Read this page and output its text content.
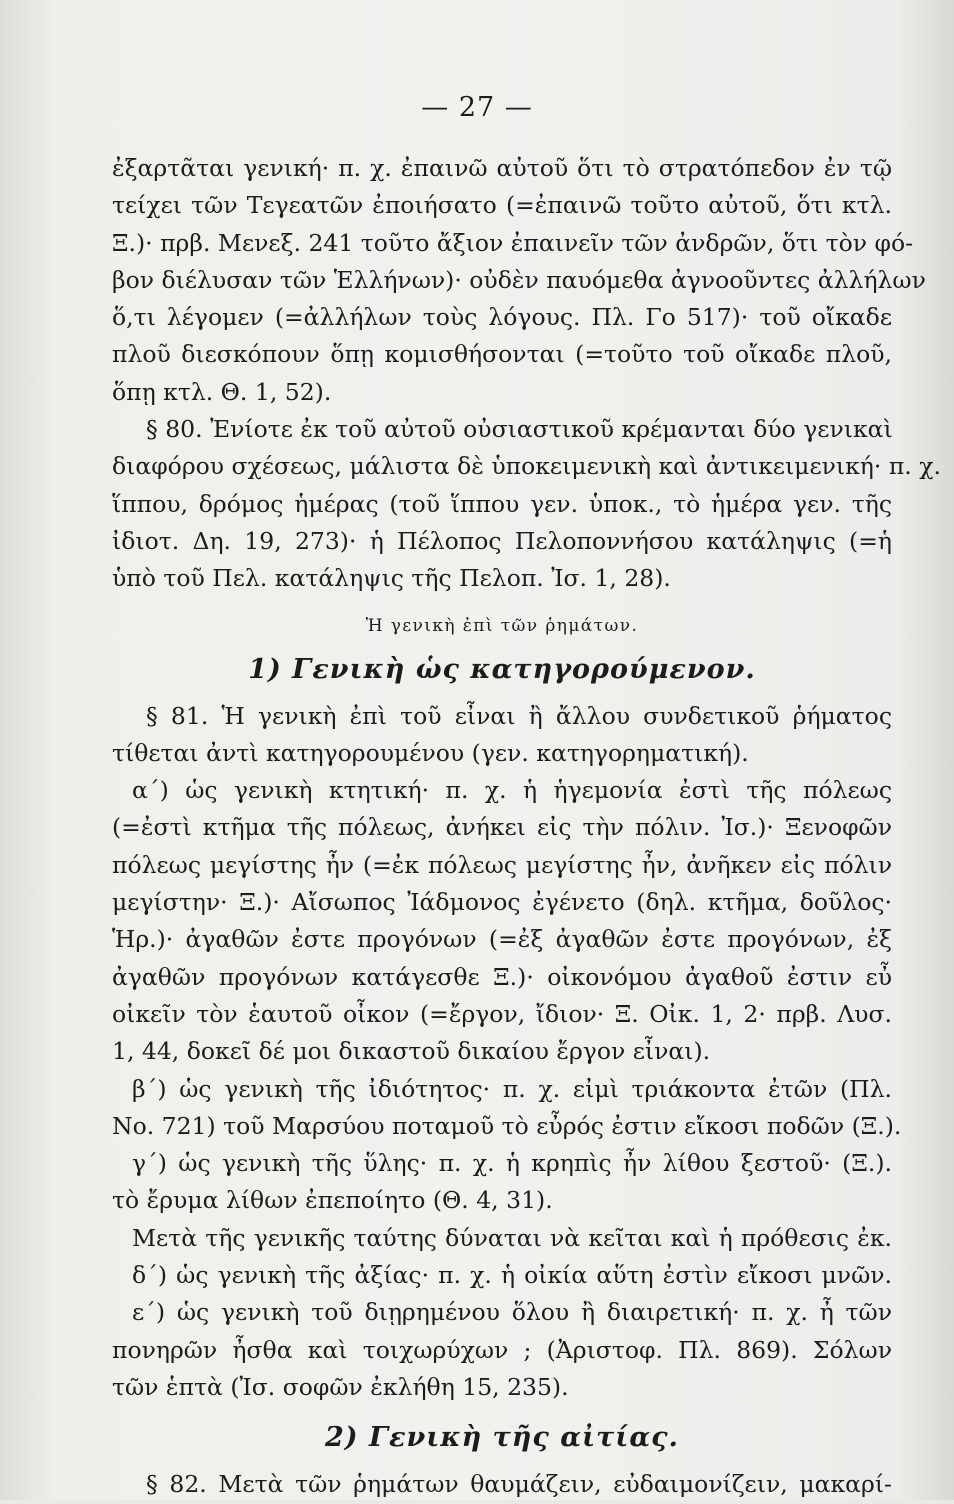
— 27 —
ἐξαρτᾶται γενική· π. χ. ἐπαινῶ αὐτοῦ ὅτι τὸ στρατόπεδον ἐν τῷ
τείχει τῶν Τεγεατῶν ἐποιήσατο (=ἐπαινῶ τοῦτο αὐτοῦ, ὅτι κτλ.
Ξ.)· πρβ. Μενεξ. 241 τοῦτο ἄξιον ἐπαινεῖν τῶν ἀνδρῶν, ὅτι τὸν φό-
βον διέλυσαν τῶν Ἑλλήνων)· οὐδὲν παυόμεθα ἀγνοοῦντες ἀλλήλων
ὅ,τι λέγομεν (=ἀλλήλων τοὺς λόγους. Πλ. Γο 517)· τοῦ οἴκαδε
πλοῦ διεσκόπουν ὅπῃ κομισθήσονται (=τοῦτο τοῦ οἴκαδε πλοῦ,
ὅπῃ κτλ. Θ. 1, 52).
§ 80. Ἐνίοτε ἐκ τοῦ αὐτοῦ οὐσιαστικοῦ κρέμανται δύο γενικαὶ
διαφόρου σχέσεως, μάλιστα δὲ ὑποκειμενικὴ καὶ ἀντικειμενική· π. χ.
ἵππου, δρόμος ἡμέρας (τοῦ ἵππου γεν. ὑποκ., τὸ ἡμέρα γεν. τῆς
ἰδιοτ. Δη. 19, 273)· ἡ Πέλοπος Πελοποννήσου κατάληψις (=ἡ
ὑπὸ τοῦ Πελ. κατάληψις τῆς Πελοπ. Ἰσ. 1, 28).
Ἡ γενικὴ ἐπὶ τῶν ῥημάτων.
1) Γενικὴ ὡς κατηγορούμενον.
§ 81. Ἡ γενικὴ ἐπὶ τοῦ εἶναι ἢ ἄλλου συνδετικοῦ ῥήματος
τίθεται ἀντὶ κατηγορουμένου (γεν. κατηγορηματική).
α΄) ὡς γενικὴ κτητική· π. χ. ἡ ἡγεμονία ἐστὶ τῆς πόλεως
(=ἐστὶ κτῆμα τῆς πόλεως, ἀνήκει εἰς τὴν πόλιν. Ἰσ.)· Ξενοφῶν
πόλεως μεγίστης ἦν (=ἐκ πόλεως μεγίστης ἦν, ἀνῆκεν εἰς πόλιν
μεγίστην· Ξ.)· Αἴσωπος Ἰάδμονος ἐγένετο (δηλ. κτῆμα, δοῦλος·
Ἡρ.)· ἀγαθῶν ἐστε προγόνων (=ἐξ ἀγαθῶν ἐστε προγόνων, ἐξ
ἀγαθῶν προγόνων κατάγεσθε Ξ.)· οἰκονόμου ἀγαθοῦ ἐστιν εὖ
οἰκεῖν τὸν ἑαυτοῦ οἶκον (=ἔργον, ἴδιον· Ξ. Οἰκ. 1, 2· πρβ. Λυσ.
1, 44, δοκεῖ δέ μοι δικαστοῦ δικαίου ἔργον εἶναι).
β΄) ὡς γενικὴ τῆς ἰδιότητος· π. χ. εἰμὶ τριάκοντα ἐτῶν (Πλ.
Νο. 721) τοῦ Μαρσύου ποταμοῦ τὸ εὖρός ἐστιν εἴκοσι ποδῶν (Ξ.).
γ΄) ὡς γενικὴ τῆς ὕλης· π. χ. ἡ κρηπὶς ἦν λίθου ξεστοῦ· (Ξ.).
τὸ ἔρυμα λίθων ἐπεποίητο (Θ. 4, 31).
Μετὰ τῆς γενικῆς ταύτης δύναται νὰ κεῖται καὶ ἡ πρόθεσις ἐκ.
δ΄) ὡς γενικὴ τῆς ἀξίας· π. χ. ἡ οἰκία αὕτη ἐστὶν εἴκοσι μνῶν.
ε΄) ὡς γενικὴ τοῦ διῃρημένου ὅλου ἢ διαιρετική· π. χ. ἦ τῶν
πονηρῶν ἦσθα καὶ τοιχωρύχων ; (Ἀριστοφ. Πλ. 869). Σόλων
τῶν ἑπτὰ (Ἰσ. σοφῶν ἐκλήθη 15, 235).
2) Γενικὴ τῆς αἰτίας.
§ 82. Μετὰ τῶν ῥημάτων θαυμάζειν, εὐδαιμονίζειν, μακαρί-
